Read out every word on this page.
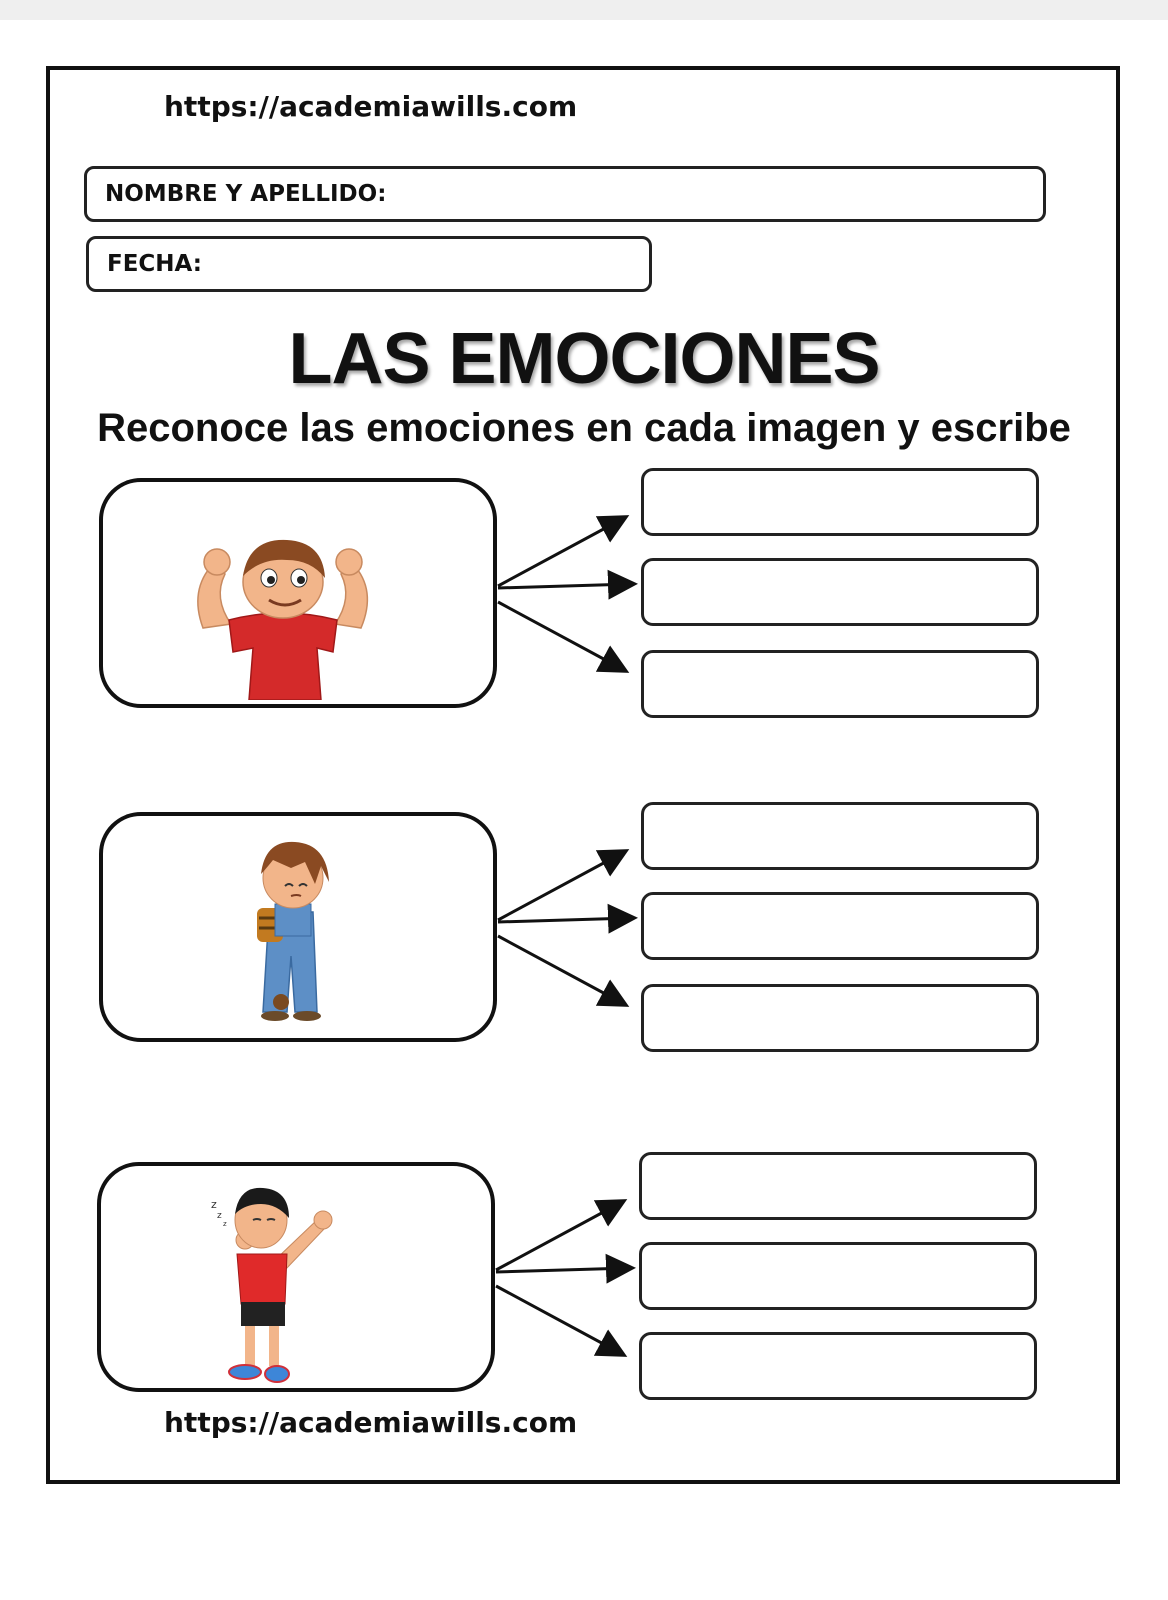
https://academiawills.com
NOMBRE Y APELLIDO:
FECHA:
LAS EMOCIONES
Reconoce las emociones en cada imagen y escribe
z
z
z
https://academiawills.com
